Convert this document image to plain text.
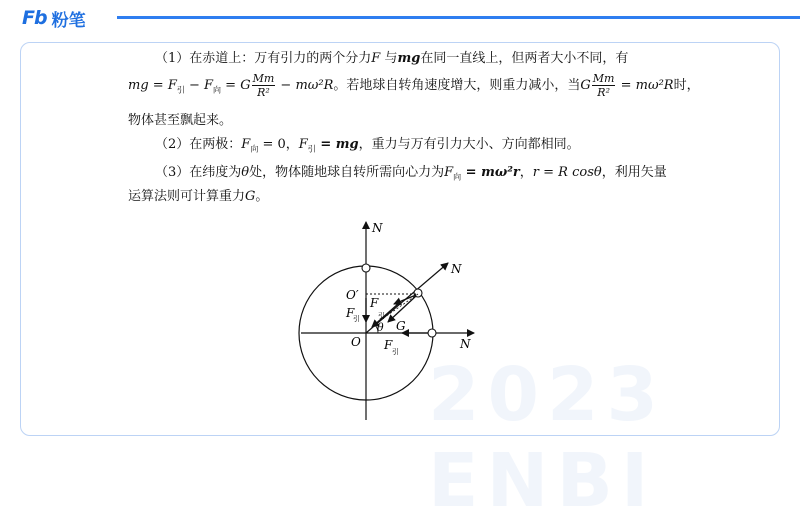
Fb 粉笔
2023 ENBI
（1）在赤道上：万有引力的两个分力F 与mg在同一直线上，但两者大小不同，有
mg = $F_引 - F_向 = G \frac{Mm}{\text{R²}} - m\omega^2R$。若地球自转角速度增大，则重力减小，当G $\frac{Mm}{\text{R²}} = m\omega^2R$时，
物体甚至飘起来。
（2）在两极：$F_向 = 0$，$F_引$ = mg，重力与万有引力大小、方向都相同。
（3）在纬度为θ处，物体随地球自转所需向心力为$F_向 = m\omega^2r$，r = R cosθ，利用矢量
运算法则可计算重力G。
N
N
N
O′
O
F
引
F
引
G
θ
F 引
